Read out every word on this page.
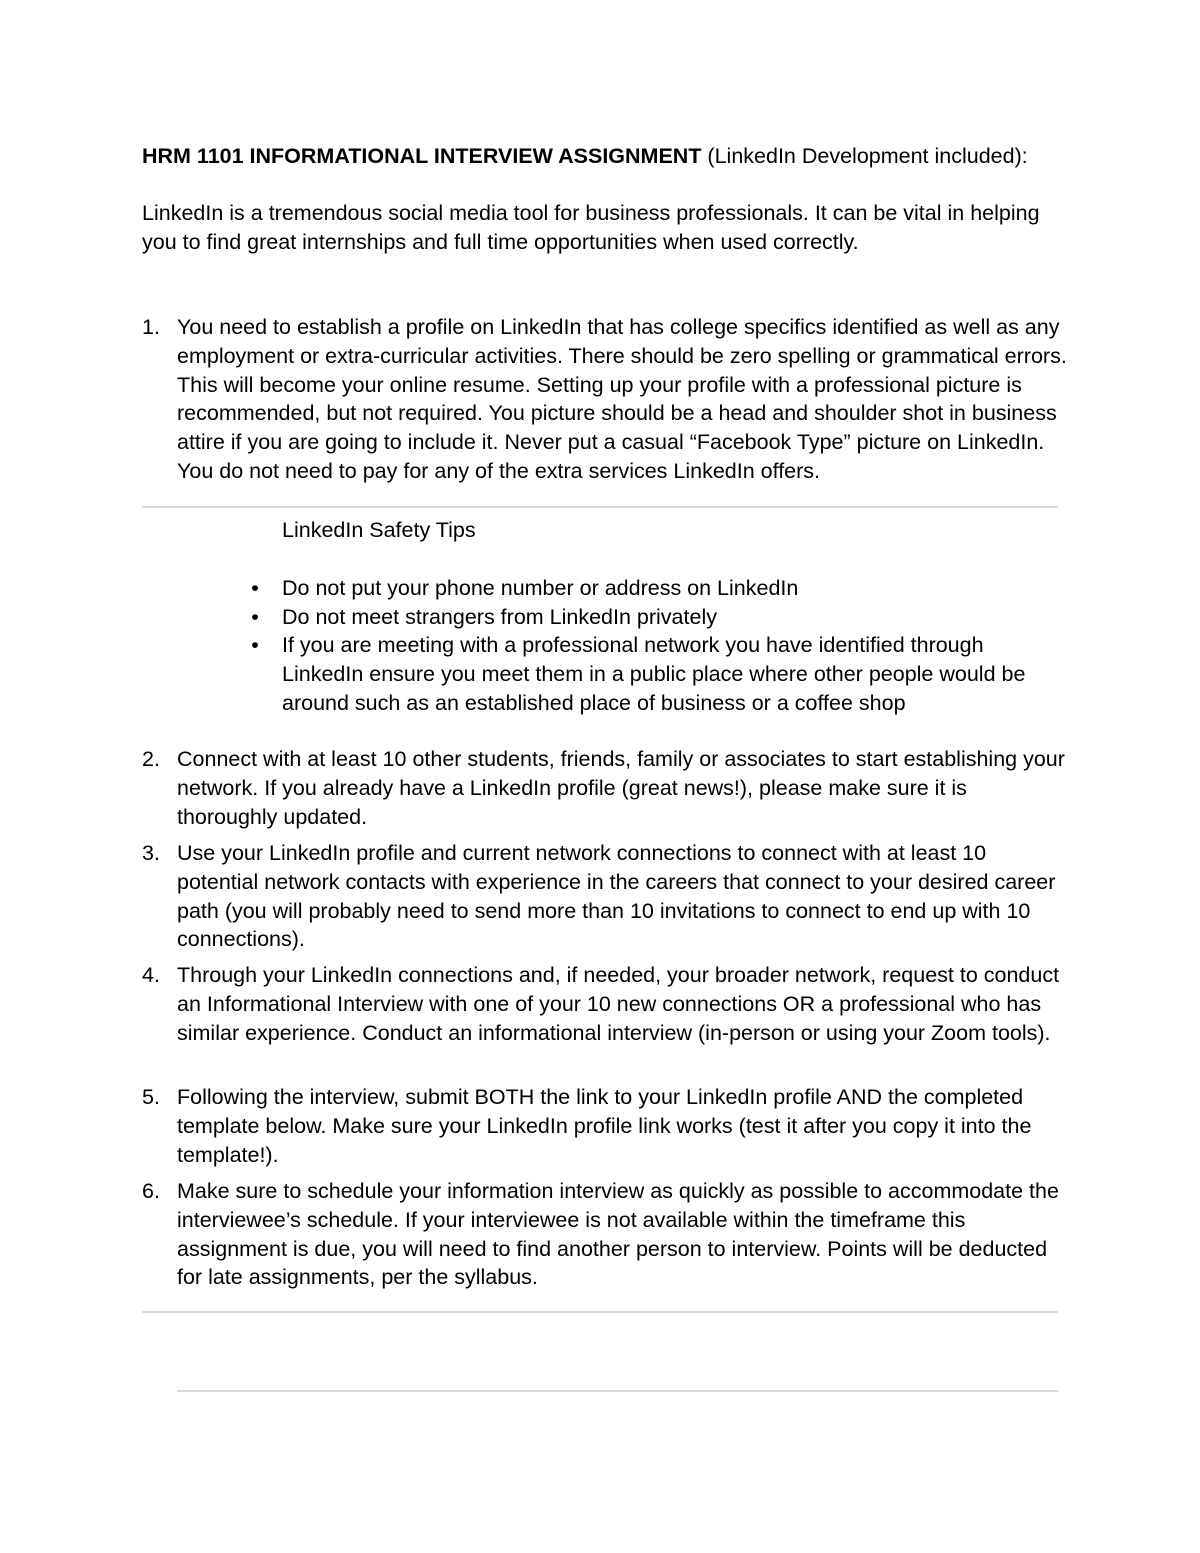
HRM 1101 INFORMATIONAL INTERVIEW ASSIGNMENT (LinkedIn Development included):
LinkedIn is a tremendous social media tool for business professionals. It can be vital in helping you to find great internships and full time opportunities when used correctly.
1. You need to establish a profile on LinkedIn that has college specifics identified as well as any employment or extra-curricular activities. There should be zero spelling or grammatical errors. This will become your online resume. Setting up your profile with a professional picture is recommended, but not required. You picture should be a head and shoulder shot in business attire if you are going to include it. Never put a casual “Facebook Type” picture on LinkedIn. You do not need to pay for any of the extra services LinkedIn offers.
LinkedIn Safety Tips
• Do not put your phone number or address on LinkedIn
• Do not meet strangers from LinkedIn privately
• If you are meeting with a professional network you have identified through LinkedIn ensure you meet them in a public place where other people would be around such as an established place of business or a coffee shop
2. Connect with at least 10 other students, friends, family or associates to start establishing your network. If you already have a LinkedIn profile (great news!), please make sure it is thoroughly updated.
3. Use your LinkedIn profile and current network connections to connect with at least 10 potential network contacts with experience in the careers that connect to your desired career path (you will probably need to send more than 10 invitations to connect to end up with 10 connections).
4. Through your LinkedIn connections and, if needed, your broader network, request to conduct an Informational Interview with one of your 10 new connections OR a professional who has similar experience. Conduct an informational interview (in-person or using your Zoom tools).
5. Following the interview, submit BOTH the link to your LinkedIn profile AND the completed template below. Make sure your LinkedIn profile link works (test it after you copy it into the template!).
6. Make sure to schedule your information interview as quickly as possible to accommodate the interviewee’s schedule. If your interviewee is not available within the timeframe this assignment is due, you will need to find another person to interview. Points will be deducted for late assignments, per the syllabus.
